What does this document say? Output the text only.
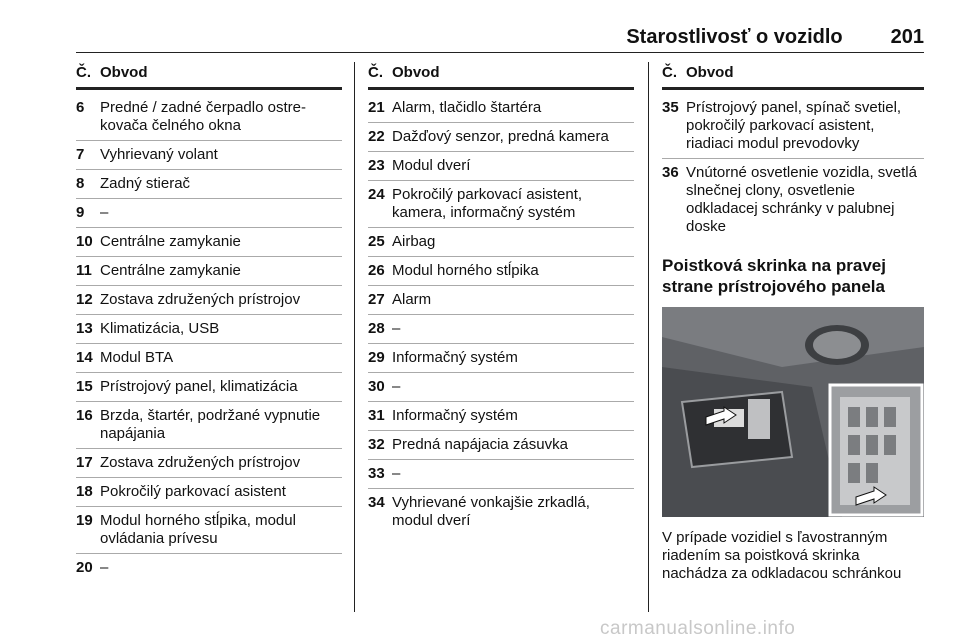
Starostlivosť o vozidlo 201
Č. Obvod
6	Predné / zadné čerpadlo ostre-kovača čelného okna
7	Vyhrievaný volant
8	Zadný stierač
9	–
10 Centrálne zamykanie
11 Centrálne zamykanie
12 Zostava združených prístrojov
13 Klimatizácia, USB
14 Modul BTA
15 Prístrojový panel, klimatizácia
16 Brzda, štartér, podržané vypnutie napájania
17 Zostava združených prístrojov
18 Pokročilý parkovací asistent
19 Modul horného stĺpika, modul ovládania prívesu
20 –
Č. Obvod
21 Alarm, tlačidlo štartéra
22 Dažďový senzor, predná kamera
23 Modul dverí
24 Pokročilý parkovací asistent, kamera, informačný systém
25 Airbag
26 Modul horného stĺpika
27 Alarm
28 –
29 Informačný systém
30 –
31 Informačný systém
32 Predná napájacia zásuvka
33 –
34 Vyhrievané vonkajšie zrkadlá, modul dverí
Č. Obvod
35 Prístrojový panel, spínač svetiel, pokročilý parkovací asistent, riadiaci modul prevodovky
36 Vnútorné osvetlenie vozidla, svetlá slnečnej clony, osvetlenie odkladacej schránky v palubnej doske
Poistková skrinka na pravej strane prístrojového panela
V prípade vozidiel s ľavostranným riadením sa poistková skrinka nachádza za odkladacou schránkou
carmanualsonline.info
